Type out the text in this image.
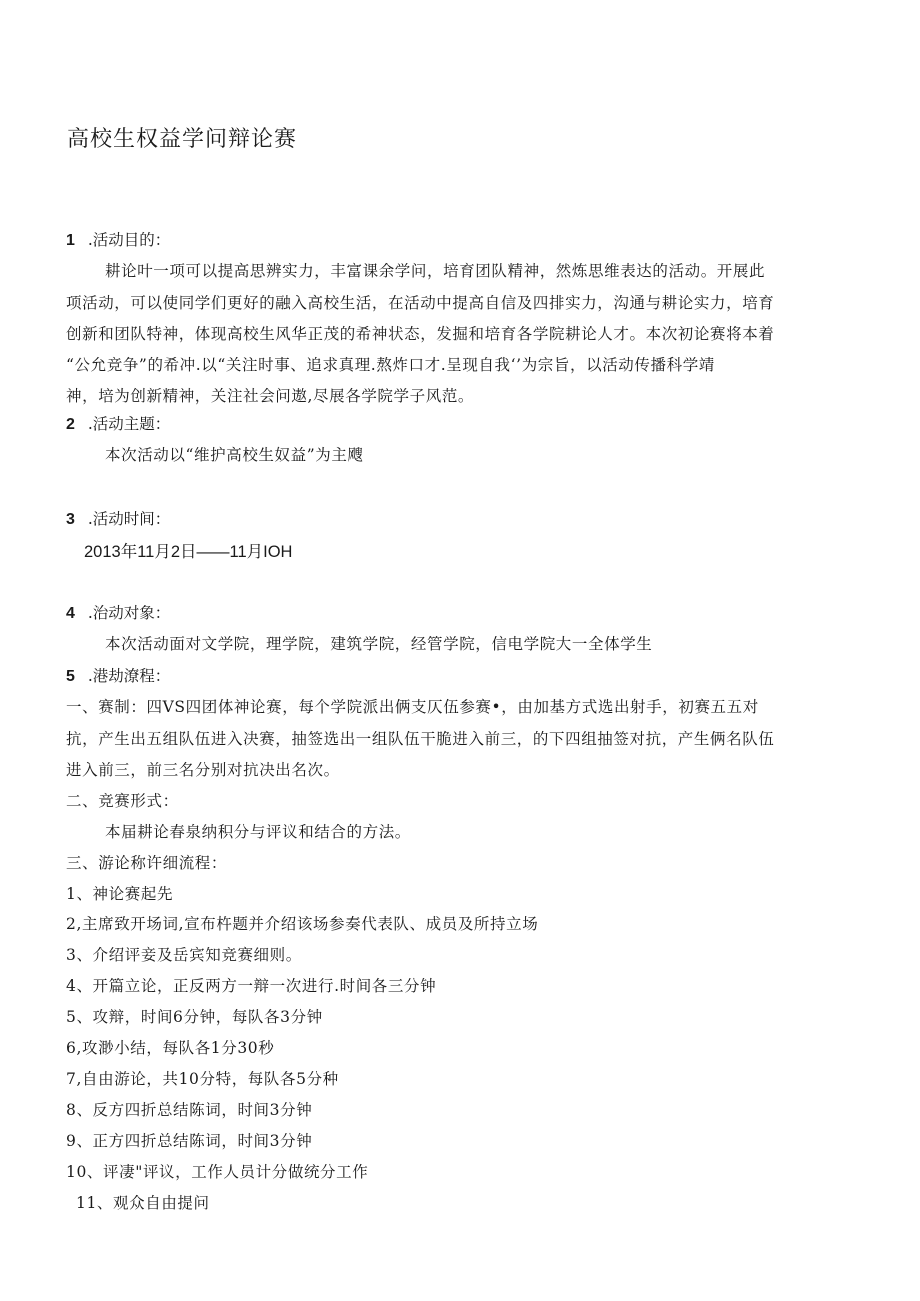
高校生权益学问辩论赛
1 .活动目的：
耕论叶一项可以提高思辨实力，丰富课余学问，培育团队精神，然炼思维表达的活动。开展此
项活动，可以使同学们更好的融入高校生活，在活动中提高自信及四排实力，沟通与耕论实力，培育
创新和团队特神，体现高校生风华正茂的希神状态，发掘和培育各学院耕论人才。本次初论赛将本着
“公允竞争”的希冲.以“关注时事、追求真理.熬炸口才.呈现自我‘’为宗旨，以活动传播科学靖
神，培为创新精神，关注社会问遨,尽展各学院学子风范。
2 .活动主题：
本次活动以“维护高校生奴益”为主飕
3 .活动时间：
2013年11月2日——11月IOH
4 .治动对象：
本次活动面对文学院，理学院，建筑学院，经管学院，信电学院大一全体学生
5 .港劫潦程：
一、赛制：四VS四团体神论赛，每个学院派出俩支仄伍参赛•，由加基方式选出射手，初赛五五对
抗，产生出五组队伍进入决赛，抽签选出一组队伍干脆进入前三，的下四组抽签对抗，产生俩名队伍
进入前三，前三名分别对抗决出名次。
二、竞赛形式：
本届耕论春泉纳积分与评议和结合的方法。
三、游论称许细流程：
1、神论赛起先
2,主席致开场词,宣布杵题并介绍该场参奏代表队、成员及所持立场
3、介绍评妾及岳宾知竞赛细则。
4、开篇立论，正反两方一辩一次进行.时间各三分钟
5、攻辩，时间6分钟，每队各3分钟
6,攻渺小结，每队各1分30秒
7,自由游论，共10分特，每队各5分种
8、反方四折总结陈词，时间3分钟
9、正方四折总结陈词，时间3分钟
10、评凄"评议，工作人员计分做统分工作
11、观众自由提问
